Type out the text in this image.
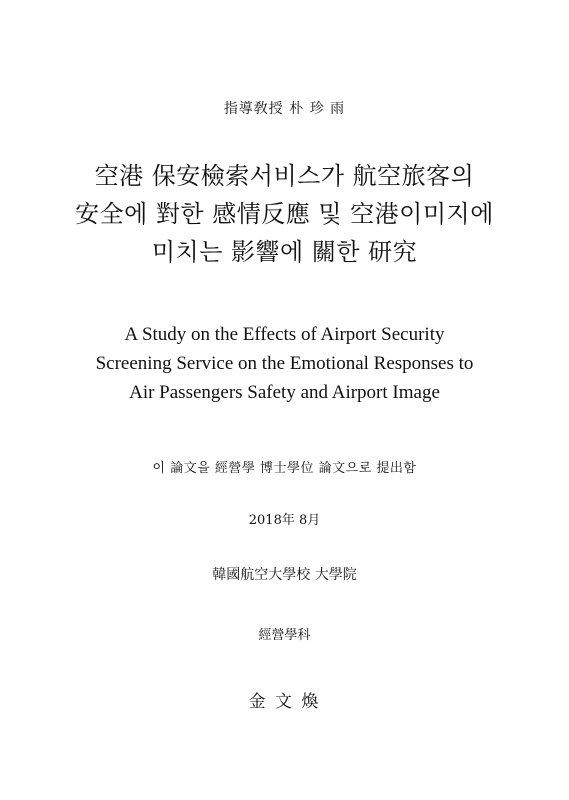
指導敎授 朴 珍 雨
空港 保安檢索서비스가 航空旅客의
安全에 對한 感情反應 및 空港이미지에
미치는 影響에 關한 研究
A Study on the Effects of Airport Security
Screening Service on the Emotional Responses to
Air Passengers Safety and Airport Image
이 論文을 經營學 博士學位 論文으로 提出함
2018年 8月
韓國航空大學校 大學院
經營學科
金 文 煥
